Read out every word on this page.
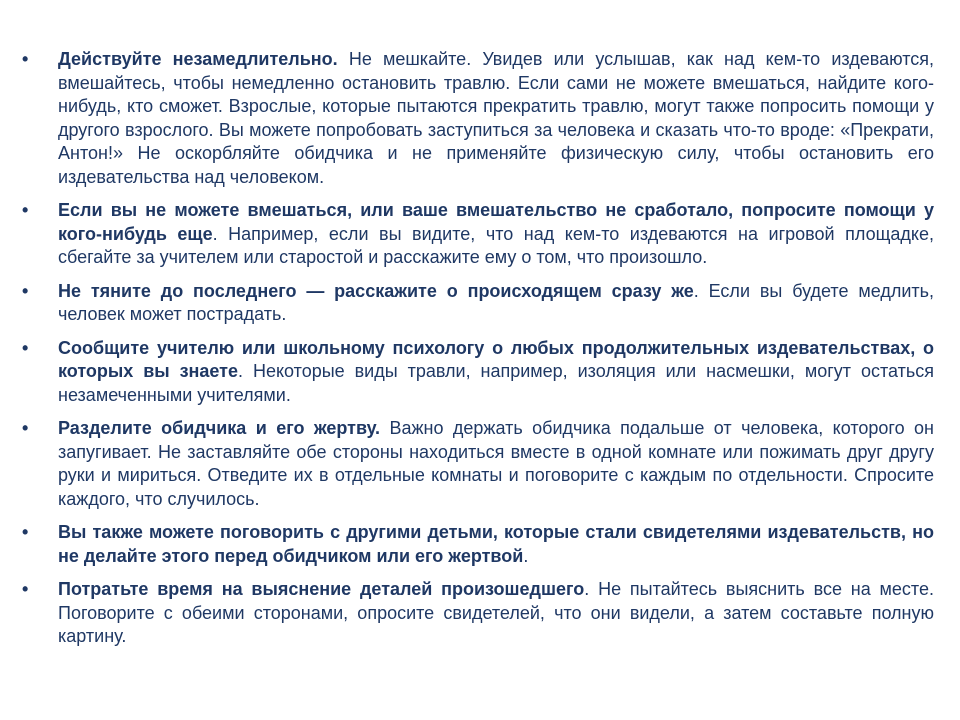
•	Действуйте незамедлительно. Не мешкайте. Увидев или услышав, как над кем-то издеваются, вмешайтесь, чтобы немедленно остановить травлю. Если сами не можете вмешаться, найдите кого-нибудь, кто сможет. Взрослые, которые пытаются прекратить травлю, могут также попросить помощи у другого взрослого. Вы можете попробовать заступиться за человека и сказать что-то вроде: «Прекрати, Антон!» Не оскорбляйте обидчика и не применяйте физическую силу, чтобы остановить его издевательства над человеком.
•	Если вы не можете вмешаться, или ваше вмешательство не сработало, попросите помощи у кого-нибудь еще. Например, если вы видите, что над кем-то издеваются на игровой площадке, сбегайте за учителем или старостой и расскажите ему о том, что произошло.
•	Не тяните до последнего — расскажите о происходящем сразу же. Если вы будете медлить, человек может пострадать.
•	Сообщите учителю или школьному психологу о любых продолжительных издевательствах, о которых вы знаете. Некоторые виды травли, например, изоляция или насмешки, могут остаться незамеченными учителями.
•	Разделите обидчика и его жертву. Важно держать обидчика подальше от человека, которого он запугивает. Не заставляйте обе стороны находиться вместе в одной комнате или пожимать друг другу руки и мириться. Отведите их в отдельные комнаты и поговорите с каждым по отдельности. Спросите каждого, что случилось.
•	Вы также можете поговорить с другими детьми, которые стали свидетелями издевательств, но не делайте этого перед обидчиком или его жертвой.
•	Потратьте время на выяснение деталей произошедшего. Не пытайтесь выяснить все на месте. Поговорите с обеими сторонами, опросите свидетелей, что они видели, а затем составьте полную картину.
